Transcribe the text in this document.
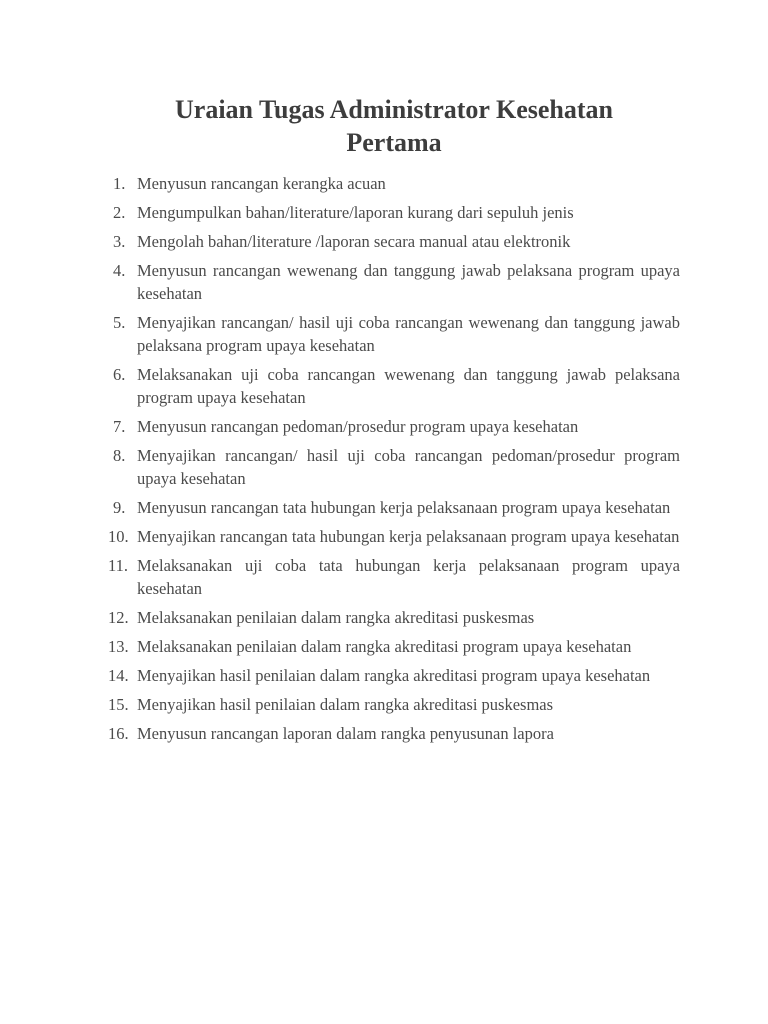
Uraian Tugas Administrator Kesehatan
Pertama
1. Menyusun rancangan kerangka acuan
2. Mengumpulkan bahan/literature/laporan kurang dari sepuluh jenis
3. Mengolah bahan/literature /laporan secara manual atau elektronik
4. Menyusun rancangan wewenang dan tanggung jawab pelaksana program upaya kesehatan
5. Menyajikan rancangan/ hasil uji coba rancangan wewenang dan tanggung jawab pelaksana program upaya kesehatan
6. Melaksanakan uji coba rancangan wewenang dan tanggung jawab pelaksana program upaya kesehatan
7. Menyusun rancangan pedoman/prosedur program upaya kesehatan
8. Menyajikan rancangan/ hasil uji coba rancangan pedoman/prosedur program upaya kesehatan
9. Menyusun rancangan tata hubungan kerja pelaksanaan program upaya kesehatan
10. Menyajikan rancangan tata hubungan kerja pelaksanaan program upaya kesehatan
11. Melaksanakan uji coba tata hubungan kerja pelaksanaan program upaya kesehatan
12. Melaksanakan penilaian dalam rangka akreditasi puskesmas
13. Melaksanakan penilaian dalam rangka akreditasi program upaya kesehatan
14. Menyajikan hasil penilaian dalam rangka akreditasi program upaya kesehatan
15. Menyajikan hasil penilaian dalam rangka akreditasi puskesmas
16. Menyusun rancangan laporan dalam rangka penyusunan lapora
